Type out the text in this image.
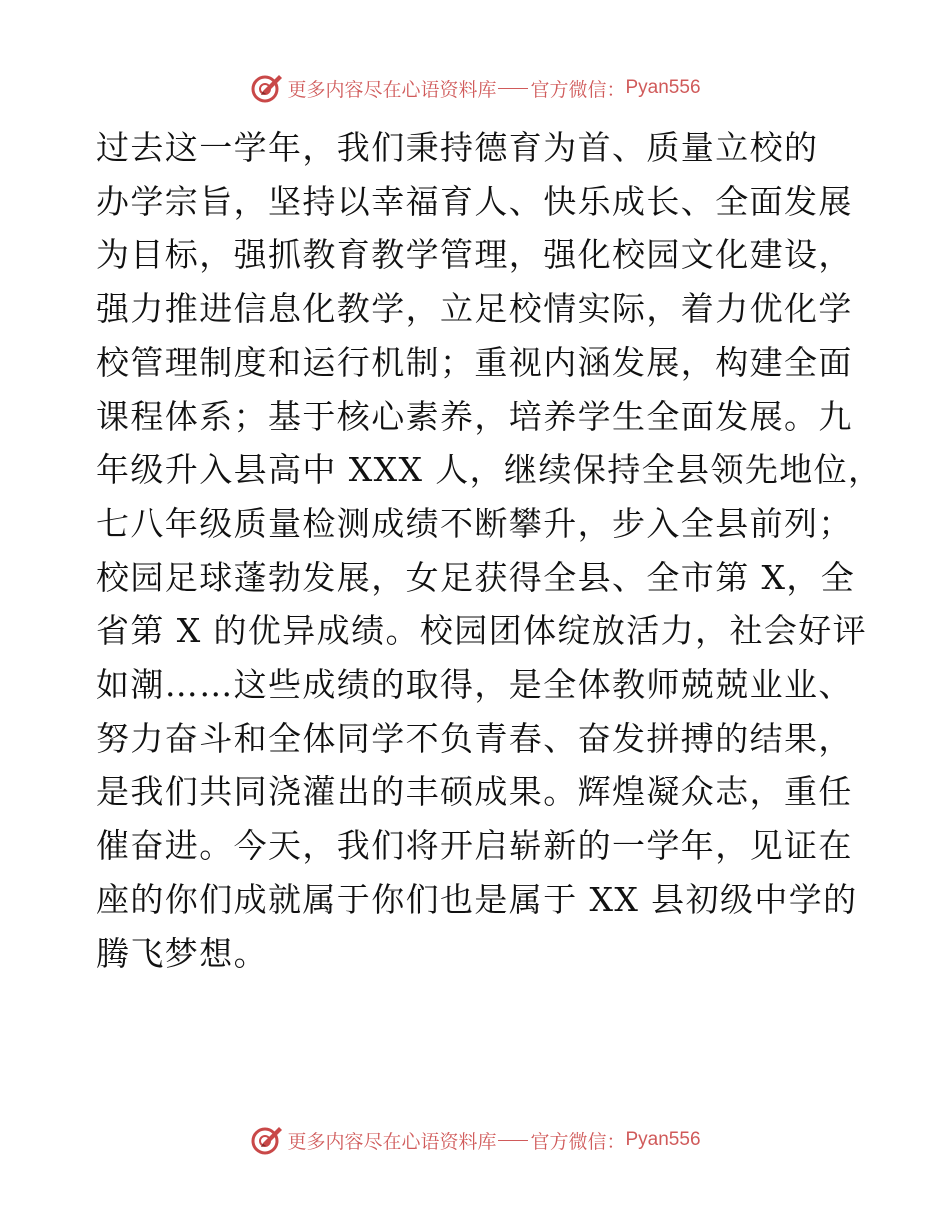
更多内容尽在心语资料库 官方微信： Pyan556
过去这一学年，我们秉持德育为首、质量立校的
办学宗旨，坚持以幸福育人、快乐成长、全面发展
为目标，强抓教育教学管理，强化校园文化建设，
强力推进信息化教学，立足校情实际，着力优化学
校管理制度和运行机制；重视内涵发展，构建全面
课程体系；基于核心素养，培养学生全面发展。九
年级升入县高中 XXX 人，继续保持全县领先地位，
七八年级质量检测成绩不断攀升，步入全县前列；
校园足球蓬勃发展，女足获得全县、全市第 X，全
省第 X 的优异成绩。校园团体绽放活力，社会好评
如潮……这些成绩的取得，是全体教师兢兢业业、
努力奋斗和全体同学不负青春、奋发拼搏的结果，
是我们共同浇灌出的丰硕成果。辉煌凝众志，重任
催奋进。今天，我们将开启崭新的一学年，见证在
座的你们成就属于你们也是属于 XX 县初级中学的
腾飞梦想。
更多内容尽在心语资料库 官方微信： Pyan556
